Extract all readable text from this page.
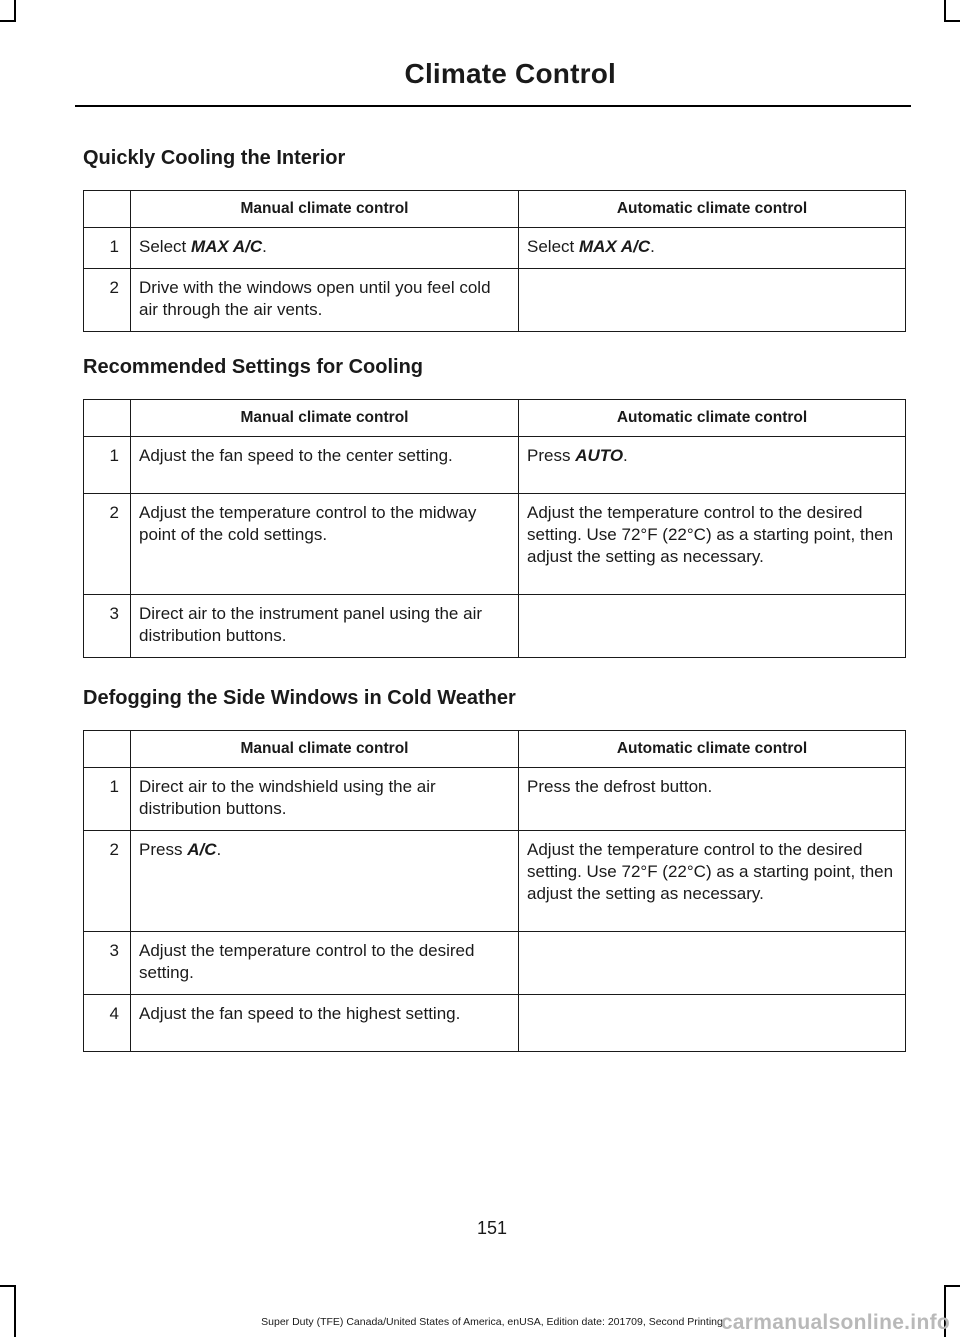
Climate Control
Quickly Cooling the Interior
	Manual climate control	Automatic climate control
1	Select MAX A/C.	Select MAX A/C.
2	Drive with the windows open until you feel cold air through the air vents.	
Recommended Settings for Cooling
	Manual climate control	Automatic climate control
1	Adjust the fan speed to the center setting.	Press AUTO.
2	Adjust the temperature control to the midway point of the cold settings.	Adjust the temperature control to the desired setting. Use 72°F (22°C) as a starting point, then adjust the setting as necessary.
3	Direct air to the instrument panel using the air distribution buttons.	
Defogging the Side Windows in Cold Weather
	Manual climate control	Automatic climate control
1	Direct air to the windshield using the air distribution buttons.	Press the defrost button.
2	Press A/C.	Adjust the temperature control to the desired setting. Use 72°F (22°C) as a starting point, then adjust the setting as necessary.
3	Adjust the temperature control to the desired setting.	
4	Adjust the fan speed to the highest setting.	
151
Super Duty (TFE) Canada/United States of America, enUSA, Edition date: 201709, Second Printing
carmanualsonline.info
